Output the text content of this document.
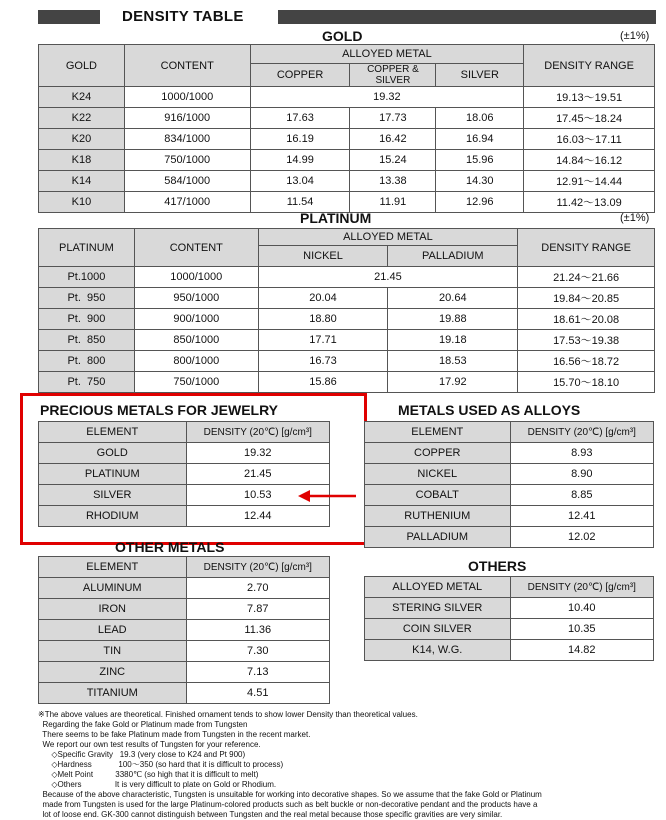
DENSITY TABLE
GOLD	(±1%)
GOLD	CONTENT	ALLOYED METAL			DENSITY RANGE
		COPPER	COPPER & SILVER	SILVER	
K24	1000/1000	19.32			19.13～19.51
K22	916/1000	17.63	17.73	18.06	17.45～18.24
K20	834/1000	16.19	16.42	16.94	16.03～17.11
K18	750/1000	14.99	15.24	15.96	14.84～16.12
K14	584/1000	13.04	13.38	14.30	12.91～14.44
K10	417/1000	11.54	11.91	12.96	11.42～13.09
PLATINUM	(±1%)
PLATINUM	CONTENT	ALLOYED METAL		DENSITY RANGE
		NICKEL	PALLADIUM	
Pt.1000	1000/1000	21.45		21.24～21.66
Pt.  950	950/1000	20.04	20.64	19.84～20.85
Pt.  900	900/1000	18.80	19.88	18.61～20.08
Pt.  850	850/1000	17.71	19.18	17.53～19.38
Pt.  800	800/1000	16.73	18.53	16.56～18.72
Pt.  750	750/1000	15.86	17.92	15.70～18.10
PRECIOUS METALS FOR JEWELRY
ELEMENT	DENSITY (20℃) [g/cm³]
GOLD	19.32
PLATINUM	21.45
SILVER	10.53
RHODIUM	12.44
METALS USED AS ALLOYS
ELEMENT	DENSITY (20℃) [g/cm³]
COPPER	8.93
NICKEL	8.90
COBALT	8.85
RUTHENIUM	12.41
PALLADIUM	12.02
OTHER METALS
ELEMENT	DENSITY (20℃) [g/cm³]
ALUMINUM	2.70
IRON	7.87
LEAD	11.36
TIN	7.30
ZINC	7.13
TITANIUM	4.51
OTHERS
ALLOYED METAL	DENSITY (20℃) [g/cm³]
STERING SILVER	10.40
COIN SILVER	10.35
K14, W.G.	14.82
※The above values are theoretical. Finished ornament tends to show lower Density than theoretical values.
Regarding the fake Gold or Platinum made from Tungsten
There seems to be fake Platinum made from Tungsten in the recent market.
We report our own test results of Tungsten for your reference.
◇Specific Gravity   19.3 (very close to K24 and Pt 900)
◇Hardness            100～350 (so hard that it is difficult to process)
◇Melt Point          3380℃ (so high that it is difficult to melt)
◇Others               It is very difficult to plate on Gold or Rhodium.
Because of the above characteristic, Tungsten is unsuitable for working into decorative shapes. So we assume that the fake Gold or Platinum
made from Tungsten is used for the large Platinum-colored products such as belt buckle or non-decorative pendant and the products have a
lot of loose end. GK-300 cannot distinguish between Tungsten and the real metal because those specific gravities are very similar.
